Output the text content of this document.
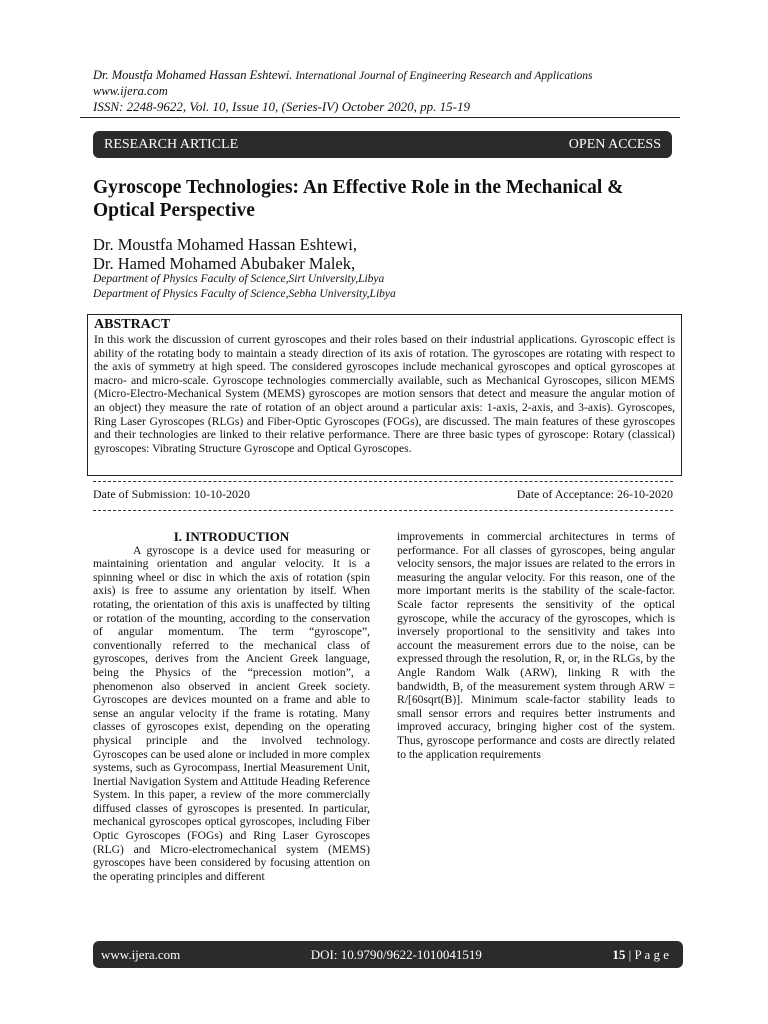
Dr. Moustfa Mohamed Hassan Eshtewi. International Journal of Engineering Research and Applications
www.ijera.com
ISSN: 2248-9622, Vol. 10, Issue 10, (Series-IV) October 2020, pp. 15-19
RESEARCH ARTICLE	OPEN ACCESS
Gyroscope Technologies: An Effective Role in the Mechanical & Optical Perspective
Dr. Moustfa Mohamed Hassan Eshtewi,
Dr. Hamed Mohamed Abubaker Malek,
Department of Physics Faculty of Science,Sirt University,Libya
Department of Physics Faculty of Science,Sebha University,Libya
ABSTRACT

In this work the discussion of current gyroscopes and their roles based on their industrial applications. Gyroscopic effect is ability of the rotating body to maintain a steady direction of its axis of rotation. The gyroscopes are rotating with respect to the axis of symmetry at high speed. The considered gyroscopes include mechanical gyroscopes and optical gyroscopes at macro- and micro-scale. Gyroscope technologies commercially available, such as Mechanical Gyroscopes, silicon MEMS (Micro-Electro-Mechanical System (MEMS) gyroscopes are motion sensors that detect and measure the angular motion of an object) they measure the rate of rotation of an object around a particular axis: 1-axis, 2-axis, and 3-axis). Gyroscopes, Ring Laser Gyroscopes (RLGs) and Fiber-Optic Gyroscopes (FOGs), are discussed. The main features of these gyroscopes and their technologies are linked to their relative performance. There are three basic types of gyroscope: Rotary (classical) gyroscopes: Vibrating Structure Gyroscope and Optical Gyroscopes.

Date of Submission: 10-10-2020	Date of Acceptance: 26-10-2020

I. INTRODUCTION

A gyroscope is a device used for measuring or maintaining orientation and angular velocity. It is a spinning wheel or disc in which the axis of rotation (spin axis) is free to assume any orientation by itself. When rotating, the orientation of this axis is unaffected by tilting or rotation of the mounting, according to the conservation of angular momentum. The term “gyroscope”, conventionally referred to the mechanical class of gyroscopes, derives from the Ancient Greek language, being the Physics of the “precession motion”, a phenomenon also observed in ancient Greek society. Gyroscopes are devices mounted on a frame and able to sense an angular velocity if the frame is rotating. Many classes of gyroscopes exist, depending on the operating physical principle and the involved technology. Gyroscopes can be used alone or included in more complex systems, such as Gyrocompass, Inertial Measurement Unit, Inertial Navigation System and Attitude Heading Reference System. In this paper, a review of the more commercially diffused classes of gyroscopes is presented. In particular, mechanical gyroscopes optical gyroscopes, including Fiber Optic Gyroscopes (FOGs) and Ring Laser Gyroscopes (RLG) and Micro-electromechanical system (MEMS) gyroscopes have been considered by focusing attention on the operating principles and different

improvements in commercial architectures in terms of performance. For all classes of gyroscopes, being angular velocity sensors, the major issues are related to the errors in measuring the angular velocity. For this reason, one of the more important merits is the stability of the scale-factor. Scale factor represents the sensitivity of the optical gyroscope, while the accuracy of the gyroscopes, which is inversely proportional to the sensitivity and takes into account the measurement errors due to the noise, can be expressed through the resolution, R, or, in the RLGs, by the Angle Random Walk (ARW), linking R with the bandwidth, B, of the measurement system through ARW = R/[60sqrt(B)]. Minimum scale-factor stability leads to small sensor errors and requires better instruments and improved accuracy, bringing higher cost of the system. Thus, gyroscope performance and costs are directly related to the application requirements

www.ijera.com	DOI: 10.9790/9622-1010041519	15 | P a g e
